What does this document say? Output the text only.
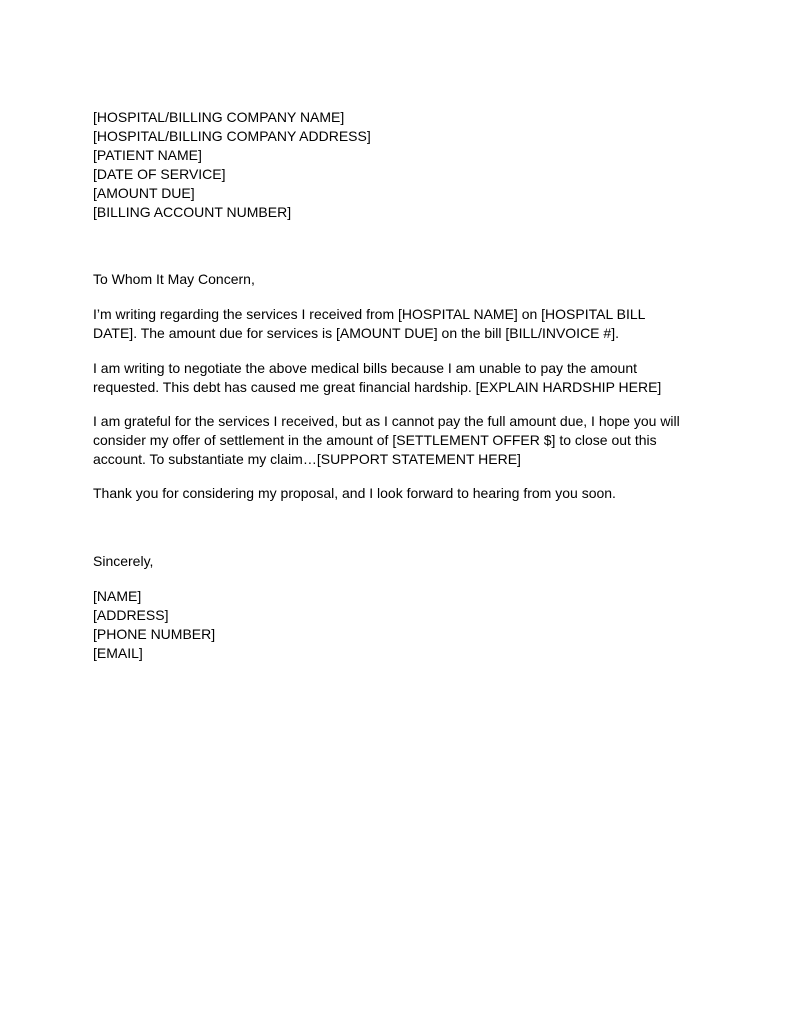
[HOSPITAL/BILLING COMPANY NAME]
[HOSPITAL/BILLING COMPANY ADDRESS]
[PATIENT NAME]
[DATE OF SERVICE]
[AMOUNT DUE]
[BILLING ACCOUNT NUMBER]
To Whom It May Concern,
I’m writing regarding the services I received from [HOSPITAL NAME] on [HOSPITAL BILL
DATE]. The amount due for services is [AMOUNT DUE] on the bill [BILL/INVOICE #].
I am writing to negotiate the above medical bills because I am unable to pay the amount
requested. This debt has caused me great financial hardship. [EXPLAIN HARDSHIP HERE]
I am grateful for the services I received, but as I cannot pay the full amount due, I hope you will
consider my offer of settlement in the amount of [SETTLEMENT OFFER $] to close out this
account. To substantiate my claim…[SUPPORT STATEMENT HERE]
Thank you for considering my proposal, and I look forward to hearing from you soon.
Sincerely,
[NAME]
[ADDRESS]
[PHONE NUMBER]
[EMAIL]
